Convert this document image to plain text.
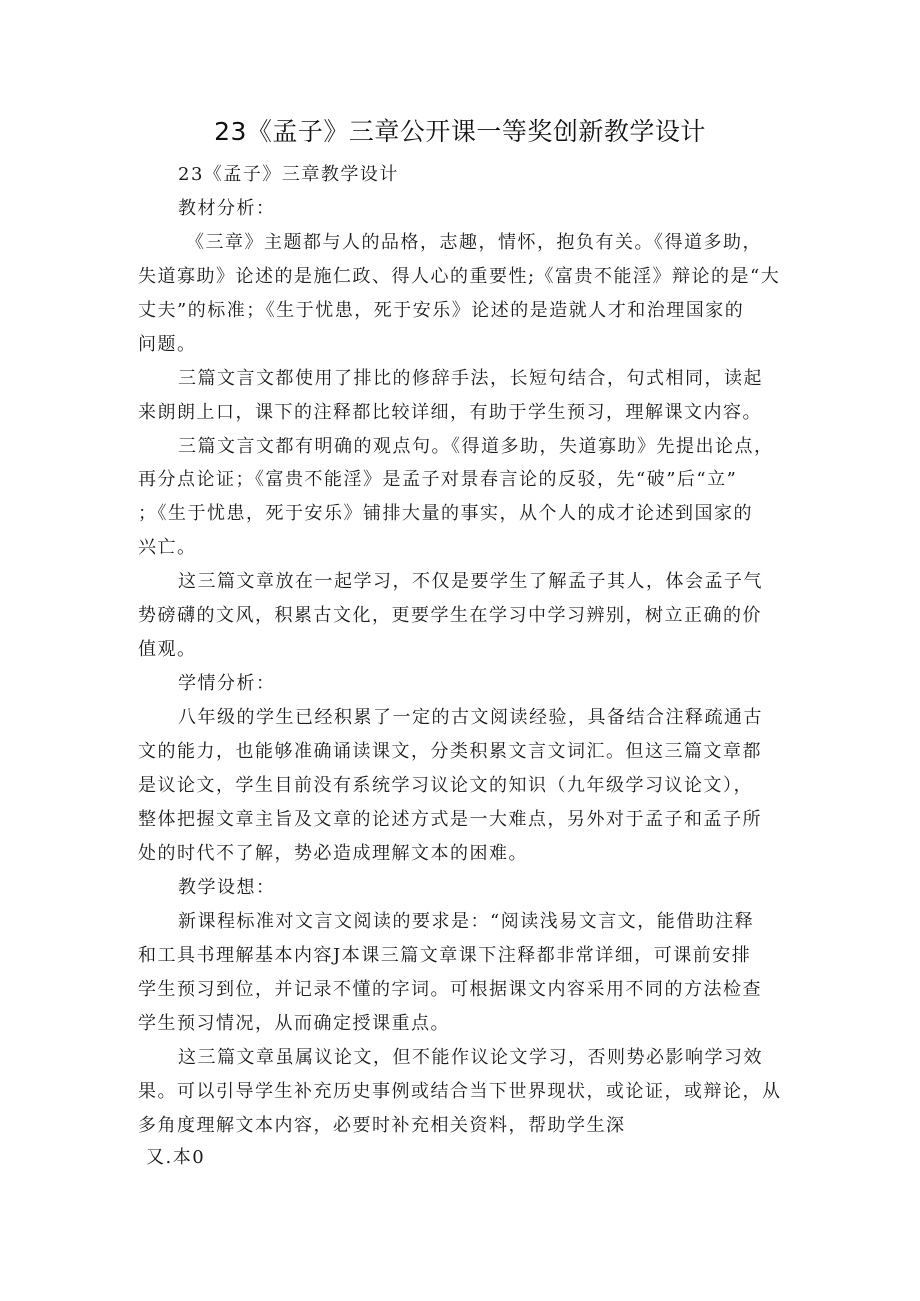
23《孟子》三章公开课一等奖创新教学设计
23《孟子》三章教学设计
教材分析：
《三章》主题都与人的品格，志趣，情怀，抱负有关。《得道多助，
失道寡助》论述的是施仁政、得人心的重要性;《富贵不能淫》辩论的是“大
丈夫”的标准；《生于忧患，死于安乐》论述的是造就人才和治理国家的
问题。
三篇文言文都使用了排比的修辞手法，长短句结合，句式相同，读起
来朗朗上口，课下的注释都比较详细，有助于学生预习，理解课文内容。
三篇文言文都有明确的观点句。《得道多助，失道寡助》先提出论点，
再分点论证；《富贵不能淫》是孟子对景春言论的反驳，先“破”后“立”
；《生于忧患，死于安乐》铺排大量的事实，从个人的成才论述到国家的
兴亡。
这三篇文章放在一起学习，不仅是要学生了解孟子其人，体会孟子气
势磅礴的文风，积累古文化，更要学生在学习中学习辨别，树立正确的价
值观。
学情分析：
八年级的学生已经积累了一定的古文阅读经验，具备结合注释疏通古
文的能力，也能够准确诵读课文，分类积累文言文词汇。但这三篇文章都
是议论文，学生目前没有系统学习议论文的知识（九年级学习议论文），
整体把握文章主旨及文章的论述方式是一大难点，另外对于孟子和孟子所
处的时代不了解，势必造成理解文本的困难。
教学设想：
新课程标准对文言文阅读的要求是：“阅读浅易文言文，能借助注释
和工具书理解基本内容J本课三篇文章课下注释都非常详细，可课前安排
学生预习到位，并记录不懂的字词。可根据课文内容采用不同的方法检查
学生预习情况，从而确定授课重点。
这三篇文章虽属议论文，但不能作议论文学习，否则势必影响学习效
果。可以引导学生补充历史事例或结合当下世界现状，或论证，或辩论，从
多角度理解文本内容，必要时补充相关资料，帮助学生深
又.本0
